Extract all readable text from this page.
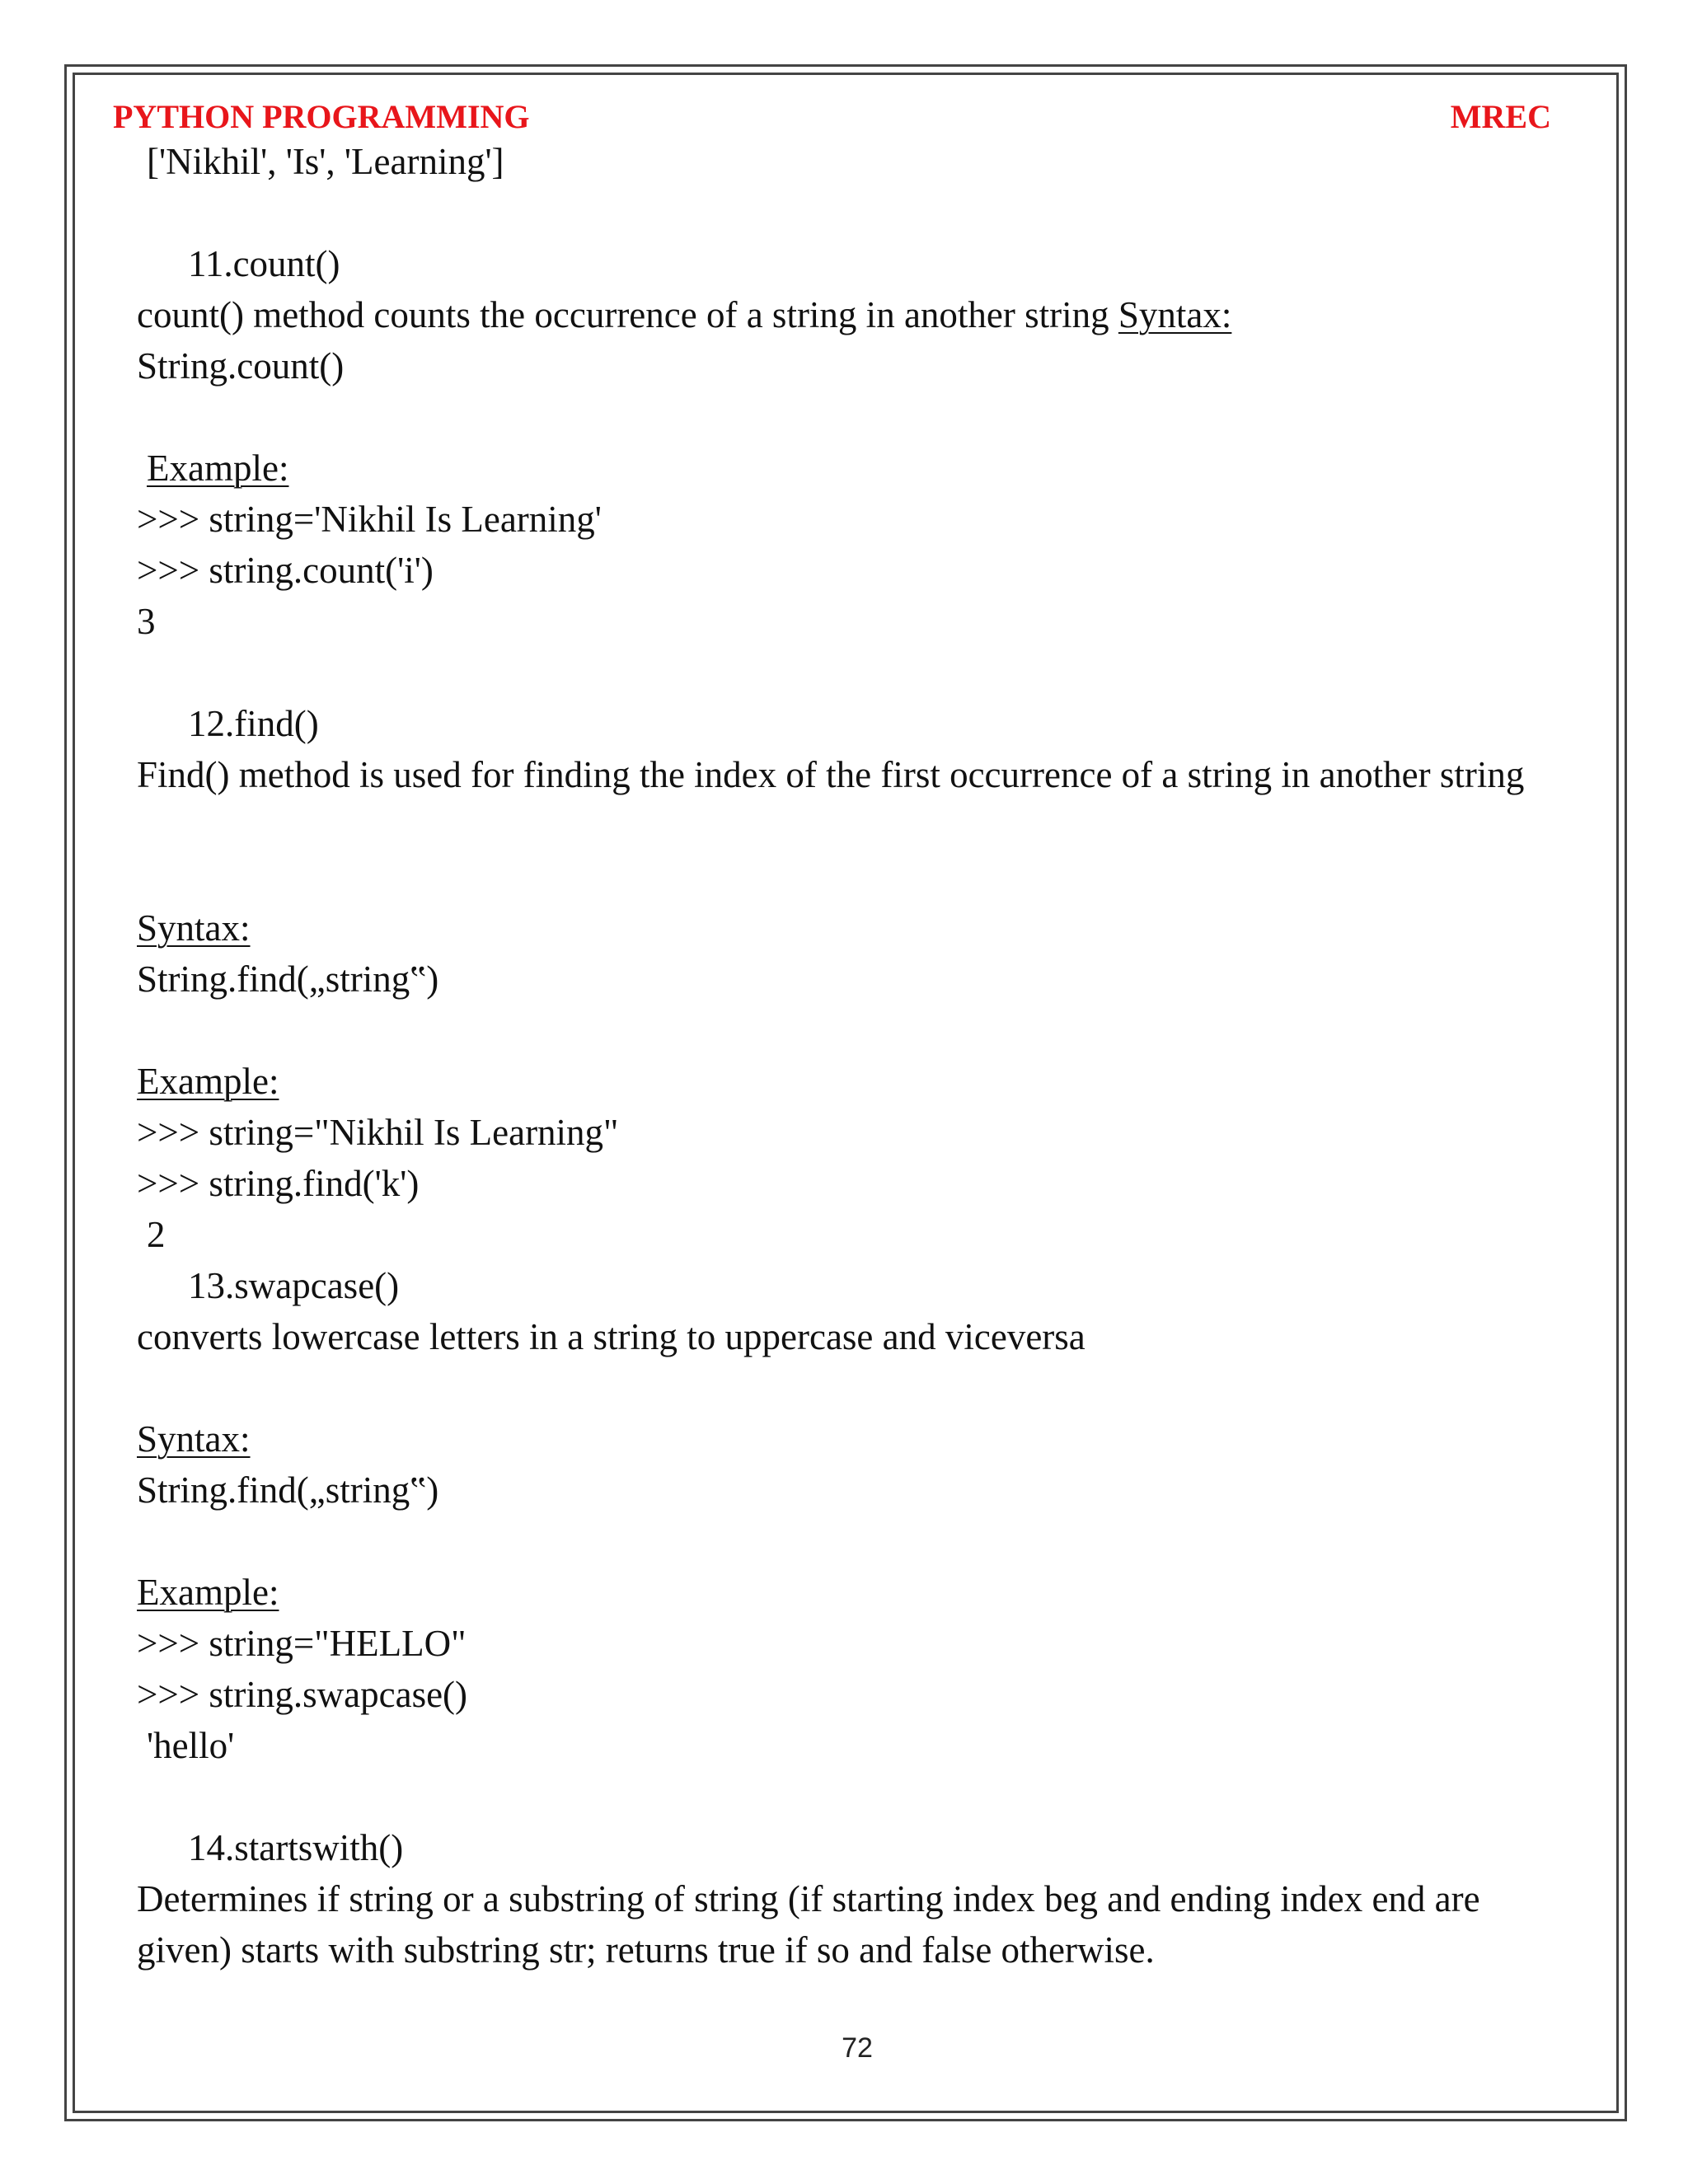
PYTHON PROGRAMMING	MREC
['Nikhil', 'Is', 'Learning']
11.count()
count() method counts the occurrence of a string in another string Syntax:
String.count()
Example:
>>> string='Nikhil Is Learning'
>>> string.count('i')
3
12.find()
Find() method is used for finding the index of the first occurrence of a string in another string
Syntax:
String.find(„string‟)
Example:
>>> string="Nikhil Is Learning"
>>> string.find('k')
2
13.swapcase()
converts lowercase letters in a string to uppercase and viceversa
Syntax:
String.find(„string‟)
Example:
>>> string="HELLO"
>>> string.swapcase()
'hello'
14.startswith()
Determines if string or a substring of string (if starting index beg and ending index end are given) starts with substring str; returns true if so and false otherwise.
72
